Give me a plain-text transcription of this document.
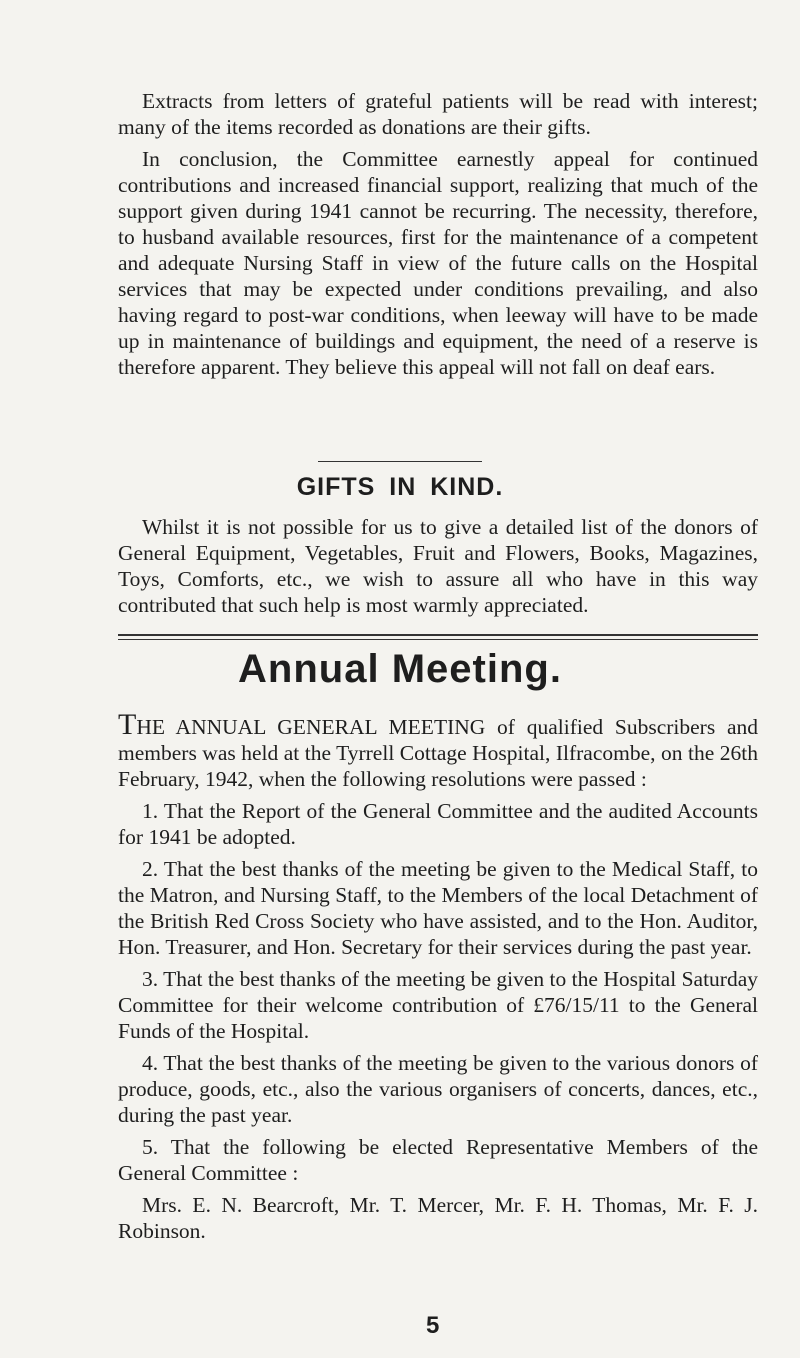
Extracts from letters of grateful patients will be read with interest; many of the items recorded as donations are their gifts.

In conclusion, the Committee earnestly appeal for continued contributions and increased financial support, realizing that much of the support given during 1941 cannot be recurring. The necessity, therefore, to husband available resources, first for the maintenance of a competent and adequate Nursing Staff in view of the future calls on the Hospital services that may be expected under conditions prevailing, and also having regard to post-war conditions, when leeway will have to be made up in maintenance of buildings and equipment, the need of a reserve is therefore apparent. They believe this appeal will not fall on deaf ears.

GIFTS IN KIND.

Whilst it is not possible for us to give a detailed list of the donors of General Equipment, Vegetables, Fruit and Flowers, Books, Magazines, Toys, Comforts, etc., we wish to assure all who have in this way contributed that such help is most warmly appreciated.

Annual Meeting.

THE ANNUAL GENERAL MEETING of qualified Subscribers and members was held at the Tyrrell Cottage Hospital, Ilfracombe, on the 26th February, 1942, when the following resolutions were passed :

1. That the Report of the General Committee and the audited Accounts for 1941 be adopted.

2. That the best thanks of the meeting be given to the Medical Staff, to the Matron, and Nursing Staff, to the Members of the local Detachment of the British Red Cross Society who have assisted, and to the Hon. Auditor, Hon. Treasurer, and Hon. Secretary for their services during the past year.

3. That the best thanks of the meeting be given to the Hospital Saturday Committee for their welcome contribution of £76/15/11 to the General Funds of the Hospital.

4. That the best thanks of the meeting be given to the various donors of produce, goods, etc., also the various organisers of concerts, dances, etc., during the past year.

5. That the following be elected Representative Members of the General Committee :

Mrs. E. N. Bearcroft, Mr. T. Mercer, Mr. F. H. Thomas, Mr. F. J. Robinson.

5
